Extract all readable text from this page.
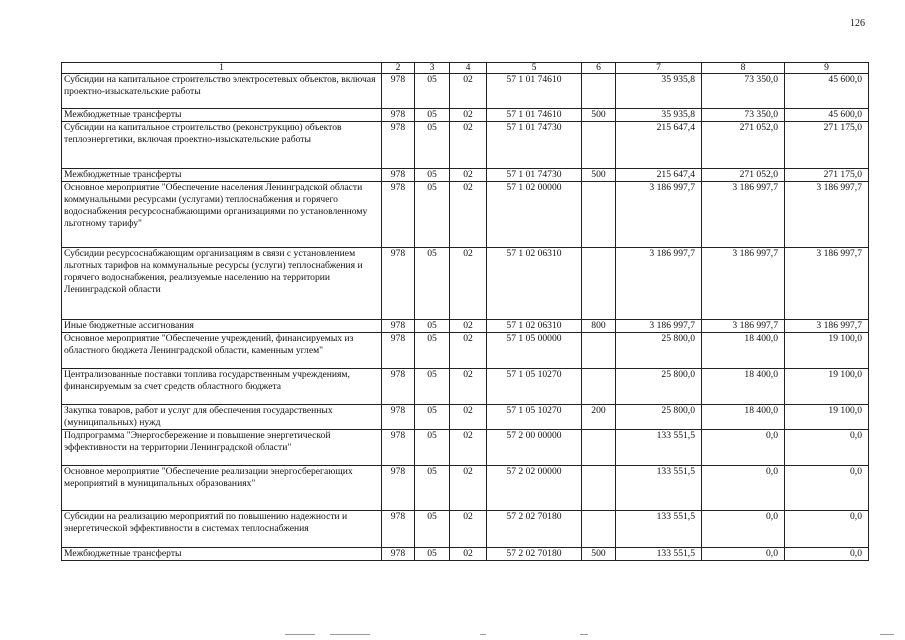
126
1	2	3	4	5	6	7	8	9
Субсидии на капитальное строительство электросетевых объектов, включая проектно-изыскательские работы	978	05	02	57 1 01 74610		35 935,8	73 350,0	45 600,0
Межбюджетные трансферты	978	05	02	57 1 01 74610	500	35 935,8	73 350,0	45 600,0
Субсидии на капитальное строительство (реконструкцию) объектов теплоэнергетики, включая проектно-изыскательские работы	978	05	02	57 1 01 74730		215 647,4	271 052,0	271 175,0
Межбюджетные трансферты	978	05	02	57 1 01 74730	500	215 647,4	271 052,0	271 175,0
Основное мероприятие "Обеспечение населения Ленинградской области коммунальными ресурсами (услугами) теплоснабжения и горячего водоснабжения ресурсоснабжающими организациями по установленному льготному тарифу"	978	05	02	57 1 02 00000		3 186 997,7	3 186 997,7	3 186 997,7
Субсидии ресурсоснабжающим организациям в связи с установлением льготных тарифов на коммунальные ресурсы (услуги) теплоснабжения и горячего водоснабжения, реализуемые населению на территории Ленинградской области	978	05	02	57 1 02 06310		3 186 997,7	3 186 997,7	3 186 997,7
Иные бюджетные ассигнования	978	05	02	57 1 02 06310	800	3 186 997,7	3 186 997,7	3 186 997,7
Основное мероприятие "Обеспечение учреждений, финансируемых из областного бюджета Ленинградской области, каменным углем"	978	05	02	57 1 05 00000		25 800,0	18 400,0	19 100,0
Централизованные поставки топлива государственным учреждениям, финансируемым за счет средств областного бюджета	978	05	02	57 1 05 10270		25 800,0	18 400,0	19 100,0
Закупка товаров, работ и услуг для обеспечения государственных (муниципальных) нужд	978	05	02	57 1 05 10270	200	25 800,0	18 400,0	19 100,0
Подпрограмма "Энергосбережение и повышение энергетической эффективности на территории Ленинградской области"	978	05	02	57 2 00 00000		133 551,5	0,0	0,0
Основное мероприятие "Обеспечение реализации энергосберегающих мероприятий в муниципальных образованиях"	978	05	02	57 2 02 00000		133 551,5	0,0	0,0
Субсидии на реализацию мероприятий по повышению надежности и энергетической эффективности в системах теплоснабжения	978	05	02	57 2 02 70180		133 551,5	0,0	0,0
Межбюджетные трансферты	978	05	02	57 2 02 70180	500	133 551,5	0,0	0,0
